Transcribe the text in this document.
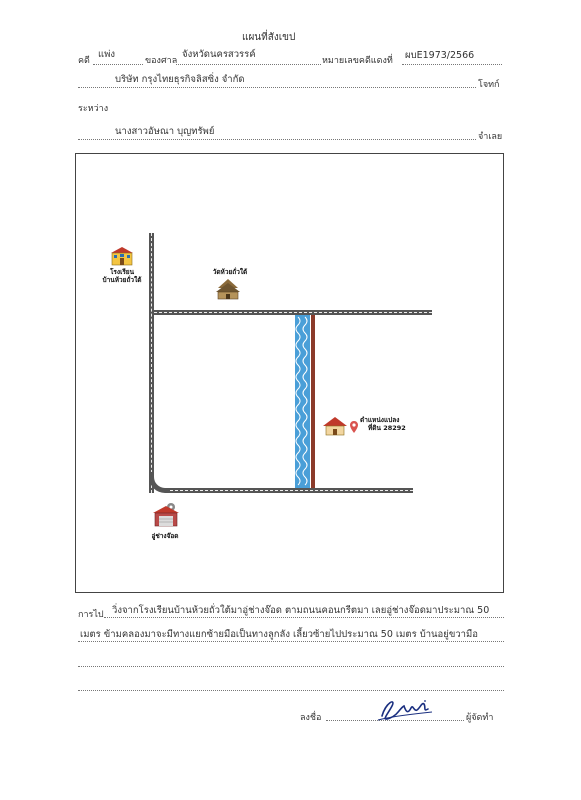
แผนที่สังเขป
คดี
แพ่ง
ของศาล
จังหวัดนครสวรรค์
หมายเลขคดีแดงที่ ผบE1973/2566
บริษัท กรุงไทยธุรกิจลิสซิ่ง จำกัด	โจทก์
ระหว่าง
นางสาวอัษณา บุญทรัพย์	จำเลย
โรงเรียน
บ้านห้วยถั่วใต้
วัดห้วยถั่วใต้
ตำแหน่งแปลง
ที่ดิน 28292
อู่ช่างจ๊อด
การไป วิ่งจากโรงเรียนบ้านห้วยถั่วใต้มาอู่ช่างจ๊อด ตามถนนคอนกรีตมา เลยอู่ช่างจ๊อดมาประมาณ 50
เมตร ข้ามคลองมาจะมีทางแยกซ้ายมือเป็นทางลูกลัง เลี้ยวซ้ายไปประมาณ 50 เมตร บ้านอยู่ขวามือ
ลงชื่อ	ผู้จัดทำ
